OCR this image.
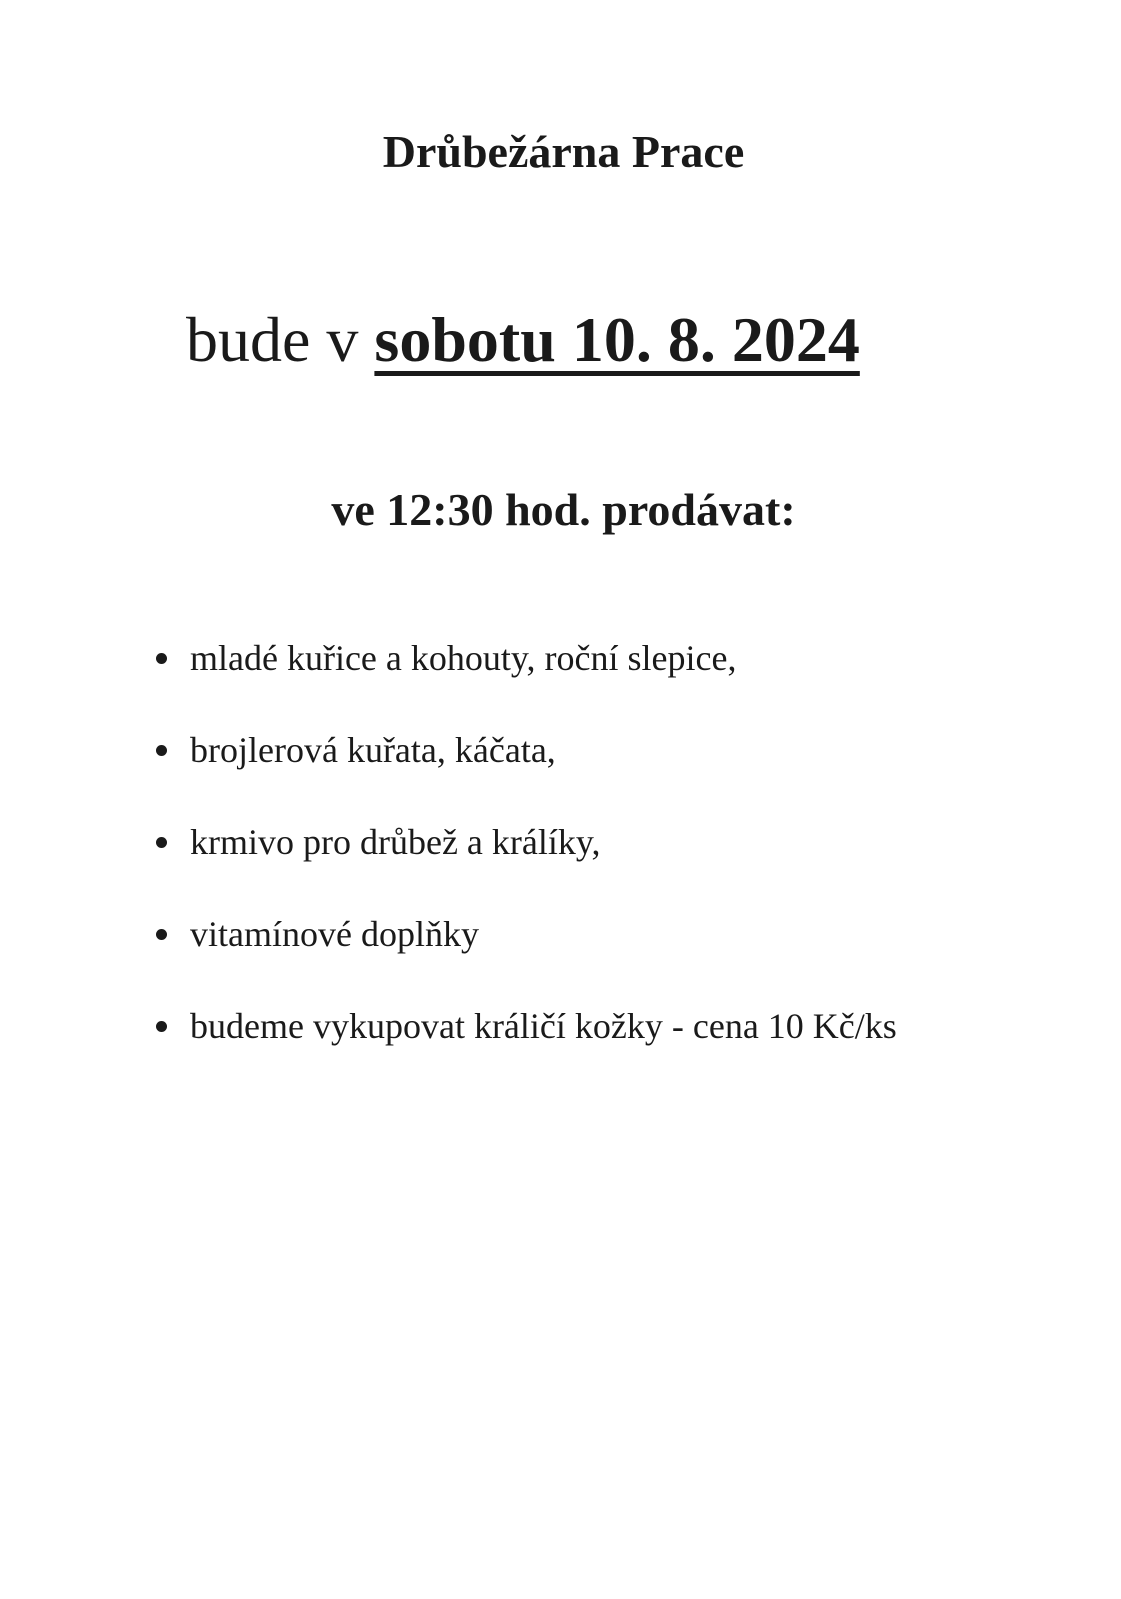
Drůbežárna Prace
bude v sobotu 10. 8. 2024
ve 12:30 hod. prodávat:
mladé kuřice a kohouty, roční slepice,
brojlerová kuřata, káčata,
krmivo pro drůbež a králíky,
vitamínové doplňky
budeme vykupovat králičí kožky - cena 10 Kč/ks
